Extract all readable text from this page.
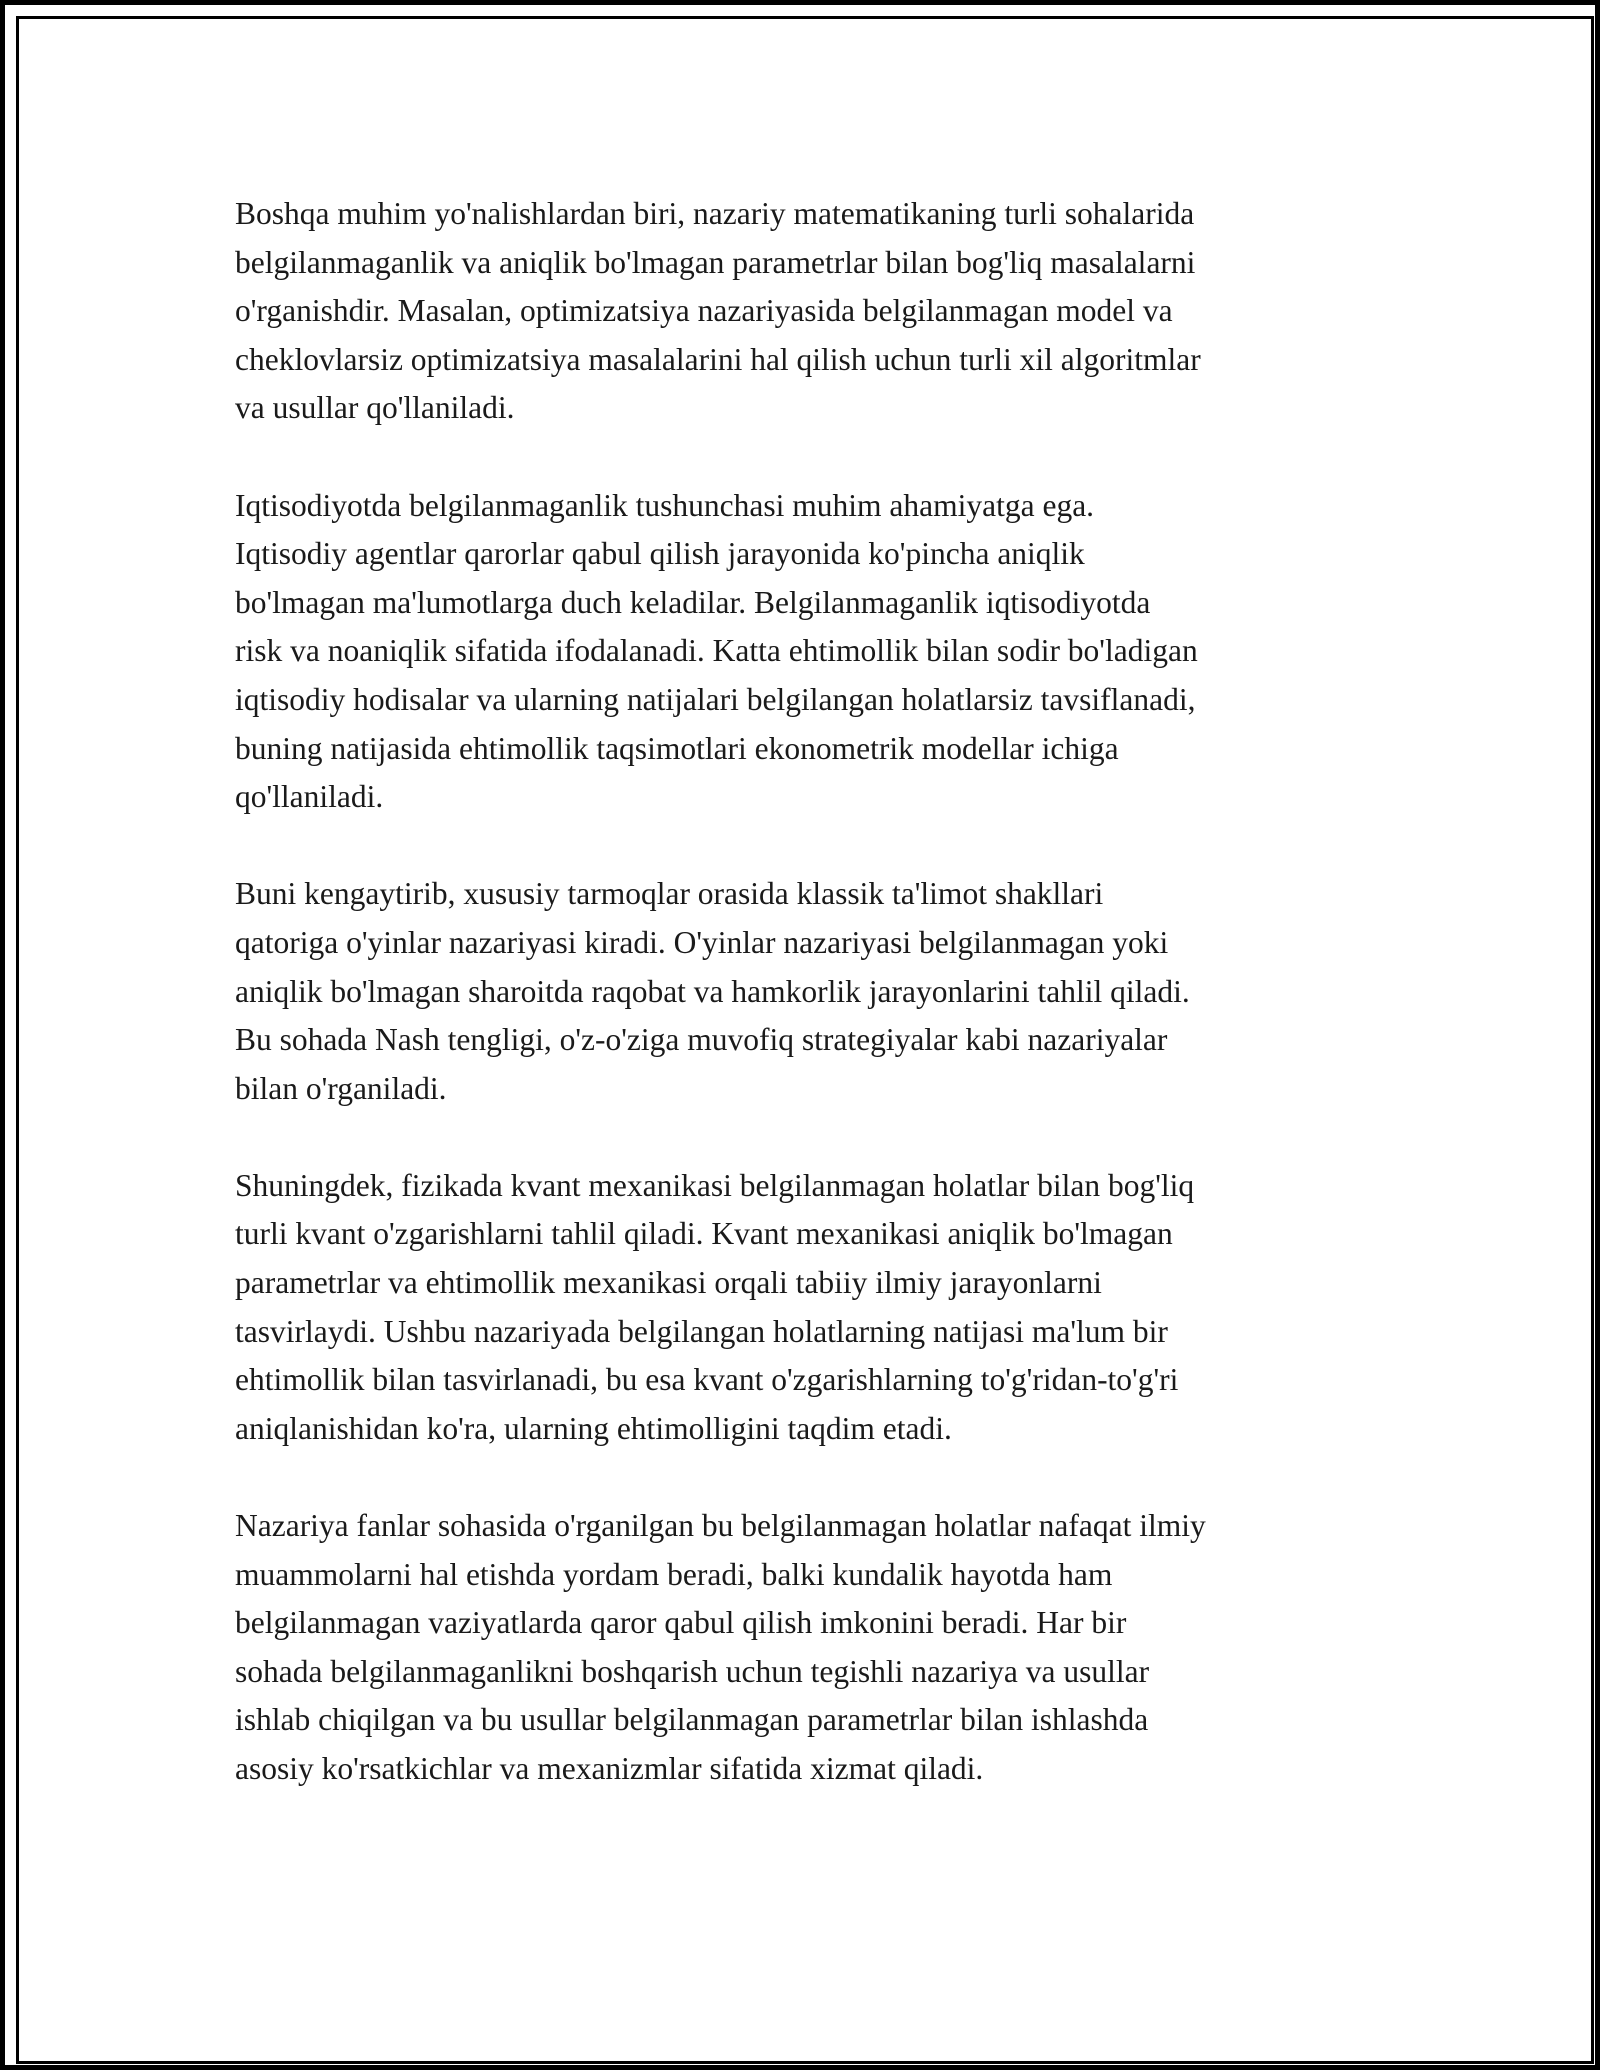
Boshqa muhim yo'nalishlardan biri, nazariy matematikaning turli sohalarida
belgilanmaganlik va aniqlik bo'lmagan parametrlar bilan bog'liq masalalarni
o'rganishdir. Masalan, optimizatsiya nazariyasida belgilanmagan model va
cheklovlarsiz optimizatsiya masalalarini hal qilish uchun turli xil algoritmlar
va usullar qo'llaniladi.

Iqtisodiyotda belgilanmaganlik tushunchasi muhim ahamiyatga ega.
Iqtisodiy agentlar qarorlar qabul qilish jarayonida ko'pincha aniqlik
bo'lmagan ma'lumotlarga duch keladilar. Belgilanmaganlik iqtisodiyotda
risk va noaniqlik sifatida ifodalanadi. Katta ehtimollik bilan sodir bo'ladigan
iqtisodiy hodisalar va ularning natijalari belgilangan holatlarsiz tavsiflanadi,
buning natijasida ehtimollik taqsimotlari ekonometrik modellar ichiga
qo'llaniladi.

Buni kengaytirib, xususiy tarmoqlar orasida klassik ta'limot shakllari
qatoriga o'yinlar nazariyasi kiradi. O'yinlar nazariyasi belgilanmagan yoki
aniqlik bo'lmagan sharoitda raqobat va hamkorlik jarayonlarini tahlil qiladi.
Bu sohada Nash tengligi, o'z-o'ziga muvofiq strategiyalar kabi nazariyalar
bilan o'rganiladi.

Shuningdek, fizikada kvant mexanikasi belgilanmagan holatlar bilan bog'liq
turli kvant o'zgarishlarni tahlil qiladi. Kvant mexanikasi aniqlik bo'lmagan
parametrlar va ehtimollik mexanikasi orqali tabiiy ilmiy jarayonlarni
tasvirlaydi. Ushbu nazariyada belgilangan holatlarning natijasi ma'lum bir
ehtimollik bilan tasvirlanadi, bu esa kvant o'zgarishlarning to'g'ridan-to'g'ri
aniqlanishidan ko'ra, ularning ehtimolligini taqdim etadi.

Nazariya fanlar sohasida o'rganilgan bu belgilanmagan holatlar nafaqat ilmiy
muammolarni hal etishda yordam beradi, balki kundalik hayotda ham
belgilanmagan vaziyatlarda qaror qabul qilish imkonini beradi. Har bir
sohada belgilanmaganlikni boshqarish uchun tegishli nazariya va usullar
ishlab chiqilgan va bu usullar belgilanmagan parametrlar bilan ishlashda
asosiy ko'rsatkichlar va mexanizmlar sifatida xizmat qiladi.
